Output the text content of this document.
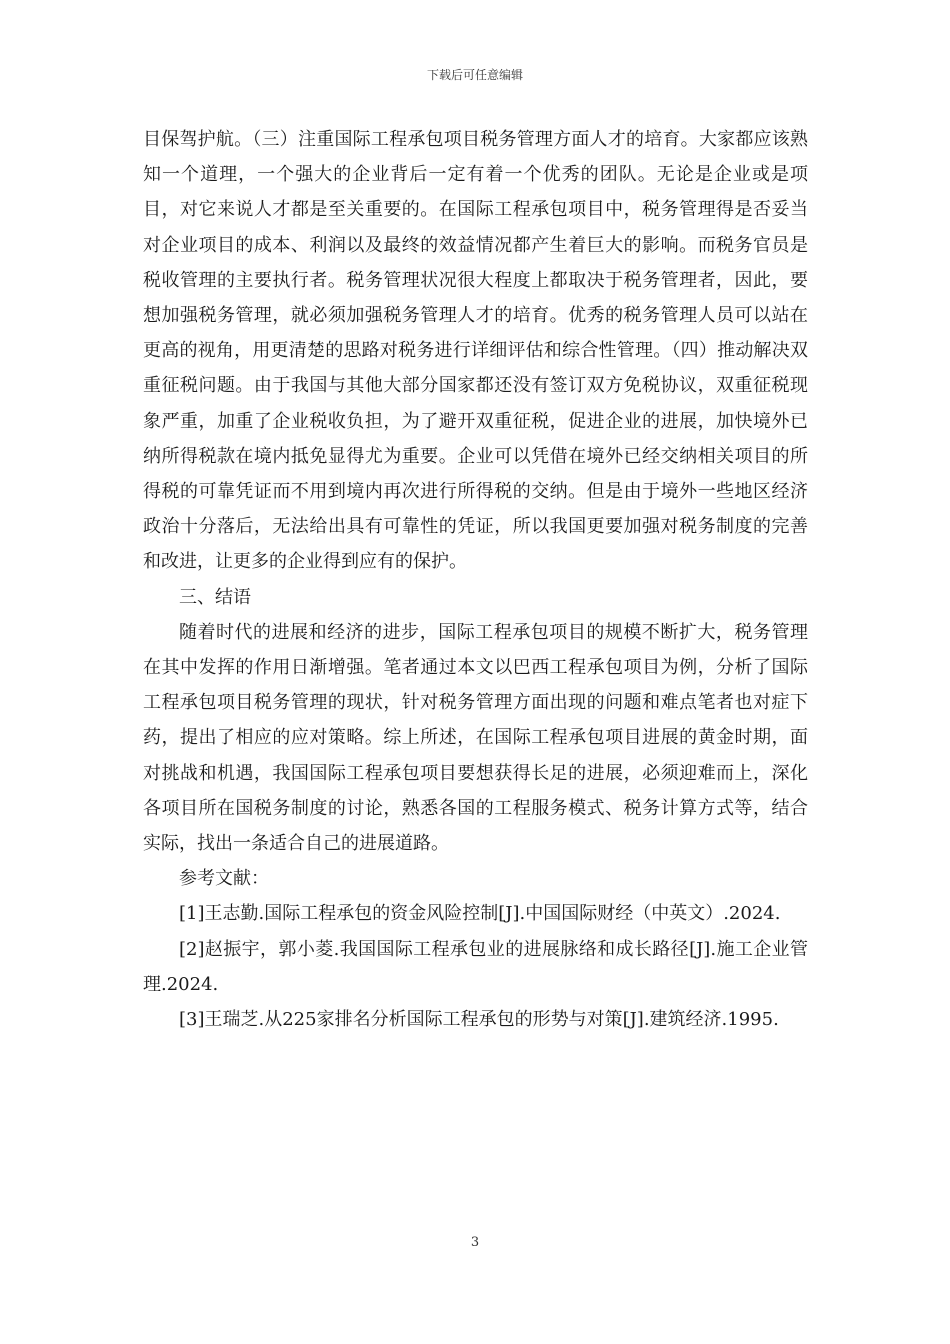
下载后可任意编辑

目保驾护航。（三）注重国际工程承包项目税务管理方面人才的培育。大家都应该熟知一个道理，一个强大的企业背后一定有着一个优秀的团队。无论是企业或是项目，对它来说人才都是至关重要的。在国际工程承包项目中，税务管理得是否妥当对企业项目的成本、利润以及最终的效益情况都产生着巨大的影响。而税务官员是税收管理的主要执行者。税务管理状况很大程度上都取决于税务管理者，因此，要想加强税务管理，就必须加强税务管理人才的培育。优秀的税务管理人员可以站在更高的视角，用更清楚的思路对税务进行详细评估和综合性管理。（四）推动解决双重征税问题。由于我国与其他大部分国家都还没有签订双方免税协议，双重征税现象严重，加重了企业税收负担，为了避开双重征税，促进企业的进展，加快境外已纳所得税款在境内抵免显得尤为重要。企业可以凭借在境外已经交纳相关项目的所得税的可靠凭证而不用到境内再次进行所得税的交纳。但是由于境外一些地区经济政治十分落后，无法给出具有可靠性的凭证，所以我国更要加强对税务制度的完善和改进，让更多的企业得到应有的保护。

三、结语

随着时代的进展和经济的进步，国际工程承包项目的规模不断扩大，税务管理在其中发挥的作用日渐增强。笔者通过本文以巴西工程承包项目为例，分析了国际工程承包项目税务管理的现状，针对税务管理方面出现的问题和难点笔者也对症下药，提出了相应的应对策略。综上所述，在国际工程承包项目进展的黄金时期，面对挑战和机遇，我国国际工程承包项目要想获得长足的进展，必须迎难而上，深化各项目所在国税务制度的讨论，熟悉各国的工程服务模式、税务计算方式等，结合实际，找出一条适合自己的进展道路。

参考文献：

[1]王志勤.国际工程承包的资金风险控制[J].中国国际财经（中英文）.2024.

[2]赵振宇，郭小菱.我国国际工程承包业的进展脉络和成长路径[J].施工企业管理.2024.

[3]王瑞芝.从225家排名分析国际工程承包的形势与对策[J].建筑经济.1995.

3
